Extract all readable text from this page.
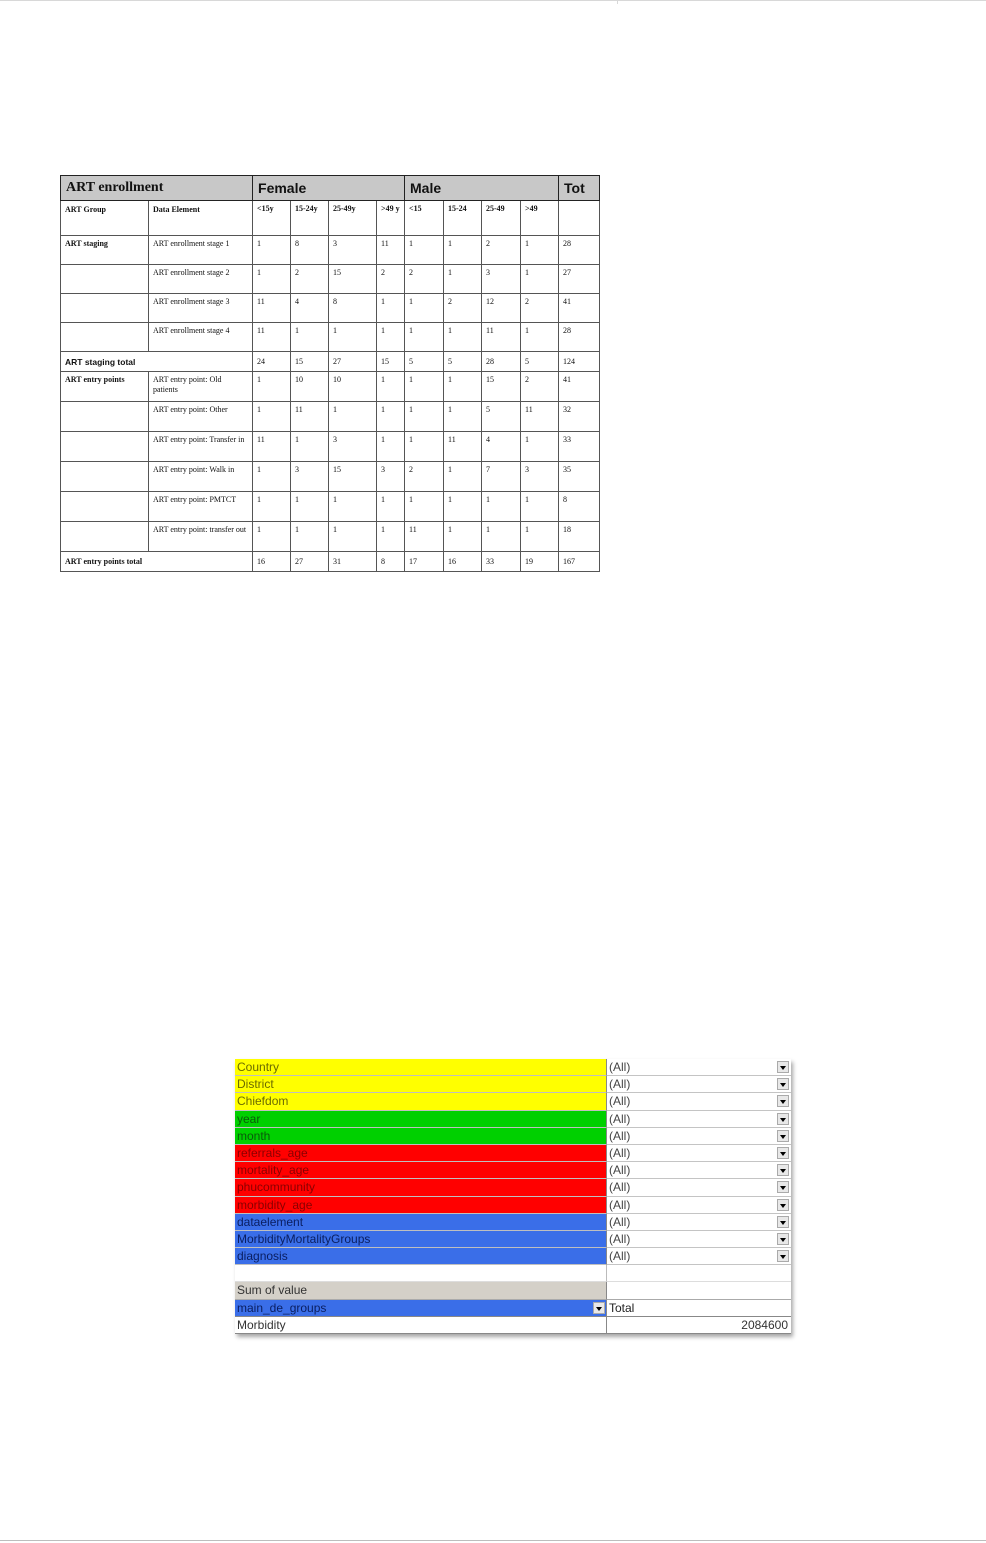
ART enrollment		Female				Male				Tot
ART Group	Data Element	<15y	15-24y	25-49y	>49 y	<15	15-24	25-49	>49	
ART staging	ART enrollment stage 1	1	8	3	11	1	1	2	1	28
	ART enrollment stage 2	1	2	15	2	2	1	3	1	27
	ART enrollment stage 3	11	4	8	1	1	2	12	2	41
	ART enrollment stage 4	11	1	1	1	1	1	11	1	28
ART staging total		24	15	27	15	5	5	28	5	124
ART entry points	ART entry point: Old patients	1	10	10	1	1	1	15	2	41
	ART entry point: Other	1	11	1	1	1	1	5	11	32
	ART entry point: Transfer in	11	1	3	1	1	11	4	1	33
	ART entry point: Walk in	1	3	15	3	2	1	7	3	35
	ART entry point: PMTCT	1	1	1	1	1	1	1	1	8
	ART entry point: transfer out	1	1	1	1	11	1	1	1	18
ART entry points total		16	27	31	8	17	16	33	19	167
Country	(All)
District	(All)
Chiefdom	(All)
year	(All)
month	(All)
referrals_age	(All)
mortality_age	(All)
phucommunity	(All)
morbidity_age	(All)
dataelement	(All)
MorbidityMortalityGroups	(All)
diagnosis	(All)
Sum of value
main_de_groups	Total
Morbidity	2084600
